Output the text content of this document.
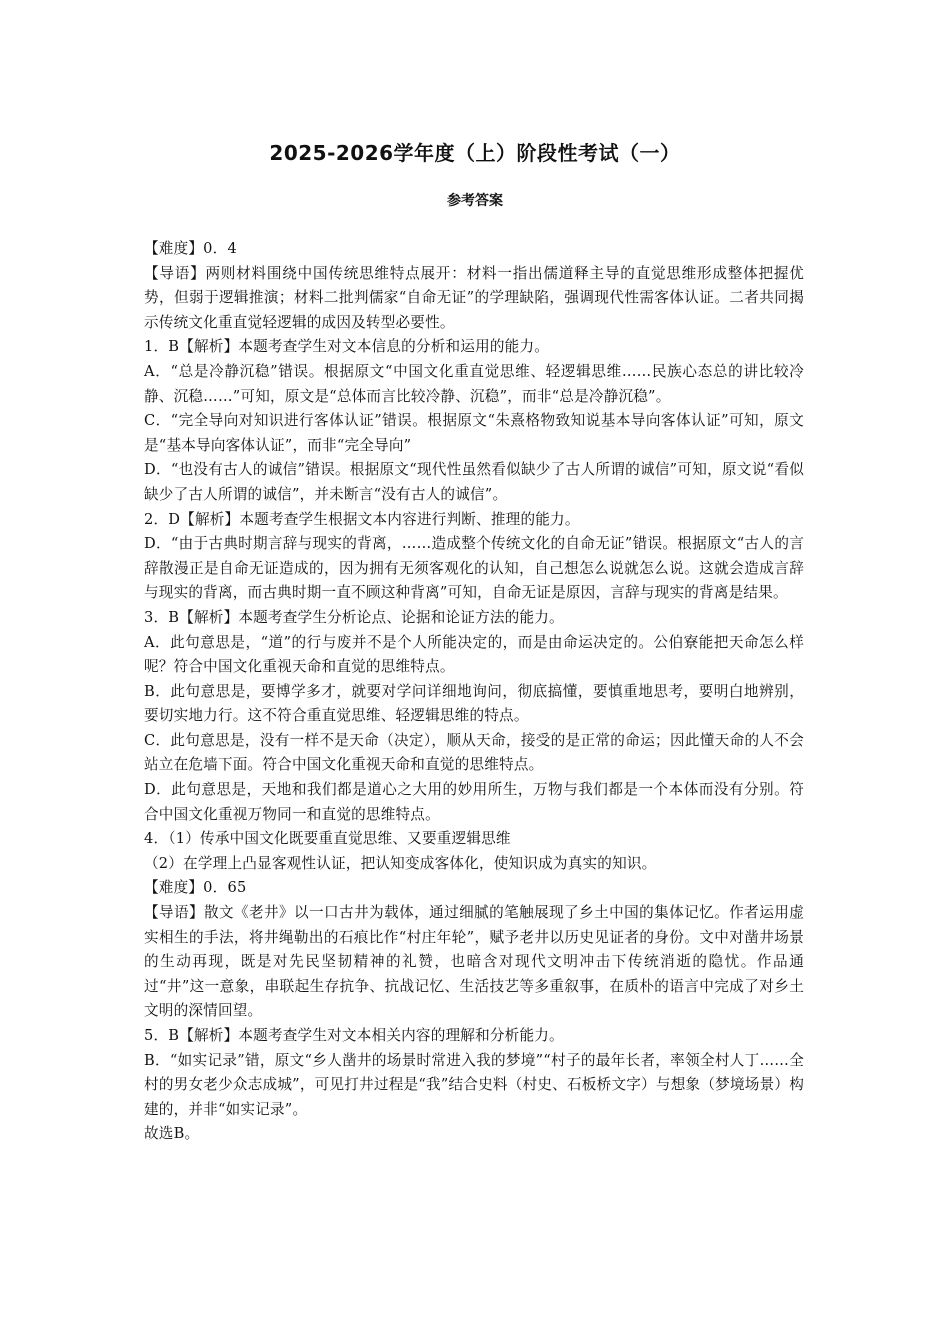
2025-2026学年度（上）阶段性考试（一）
参考答案

【难度】0．4

【导语】两则材料围绕中国传统思维特点展开：材料一指出儒道释主导的直觉思维形成整体把握优势，但弱于逻辑推演；材料二批判儒家“自命无证”的学理缺陷，强调现代性需客体认证。二者共同揭示传统文化重直觉轻逻辑的成因及转型必要性。

1．B【解析】本题考查学生对文本信息的分析和运用的能力。

A．“总是冷静沉稳”错误。根据原文“中国文化重直觉思维、轻逻辑思维……民族心态总的讲比较冷静、沉稳……”可知，原文是“总体而言比较冷静、沉稳”，而非“总是冷静沉稳”。

C．“完全导向对知识进行客体认证”错误。根据原文“朱熹格物致知说基本导向客体认证”可知，原文是“基本导向客体认证”，而非“完全导向”

D．“也没有古人的诚信”错误。根据原文“现代性虽然看似缺少了古人所谓的诚信”可知，原文说“看似缺少了古人所谓的诚信”，并未断言“没有古人的诚信”。

2．D【解析】本题考查学生根据文本内容进行判断、推理的能力。

D．“由于古典时期言辞与现实的背离，……造成整个传统文化的自命无证”错误。根据原文“古人的言辞散漫正是自命无证造成的，因为拥有无须客观化的认知，自己想怎么说就怎么说。这就会造成言辞与现实的背离，而古典时期一直不顾这种背离”可知，自命无证是原因，言辞与现实的背离是结果。

3．B【解析】本题考查学生分析论点、论据和论证方法的能力。

A．此句意思是，“道”的行与废并不是个人所能决定的，而是由命运决定的。公伯寮能把天命怎么样呢？符合中国文化重视天命和直觉的思维特点。

B．此句意思是，要博学多才，就要对学问详细地询问，彻底搞懂，要慎重地思考，要明白地辨别，要切实地力行。这不符合重直觉思维、轻逻辑思维的特点。

C．此句意思是，没有一样不是天命（决定），顺从天命，接受的是正常的命运；因此懂天命的人不会站立在危墙下面。符合中国文化重视天命和直觉的思维特点。

D．此句意思是，天地和我们都是道心之大用的妙用所生，万物与我们都是一个本体而没有分别。符合中国文化重视万物同一和直觉的思维特点。

4．（1）传承中国文化既要重直觉思维、又要重逻辑思维

（2）在学理上凸显客观性认证，把认知变成客体化，使知识成为真实的知识。

【难度】0．65

【导语】散文《老井》以一口古井为载体，通过细腻的笔触展现了乡土中国的集体记忆。作者运用虚实相生的手法，将井绳勒出的石痕比作“村庄年轮”，赋予老井以历史见证者的身份。文中对凿井场景的生动再现，既是对先民坚韧精神的礼赞，也暗含对现代文明冲击下传统消逝的隐忧。作品通过“井”这一意象，串联起生存抗争、抗战记忆、生活技艺等多重叙事，在质朴的语言中完成了对乡土文明的深情回望。

5．B【解析】本题考查学生对文本相关内容的理解和分析能力。

B．“如实记录”错，原文“乡人凿井的场景时常进入我的梦境”“村子的最年长者，率领全村人丁……全村的男女老少众志成城”，可见打井过程是“我”结合史料（村史、石板桥文字）与想象（梦境场景）构建的，并非“如实记录”。

故选B。
